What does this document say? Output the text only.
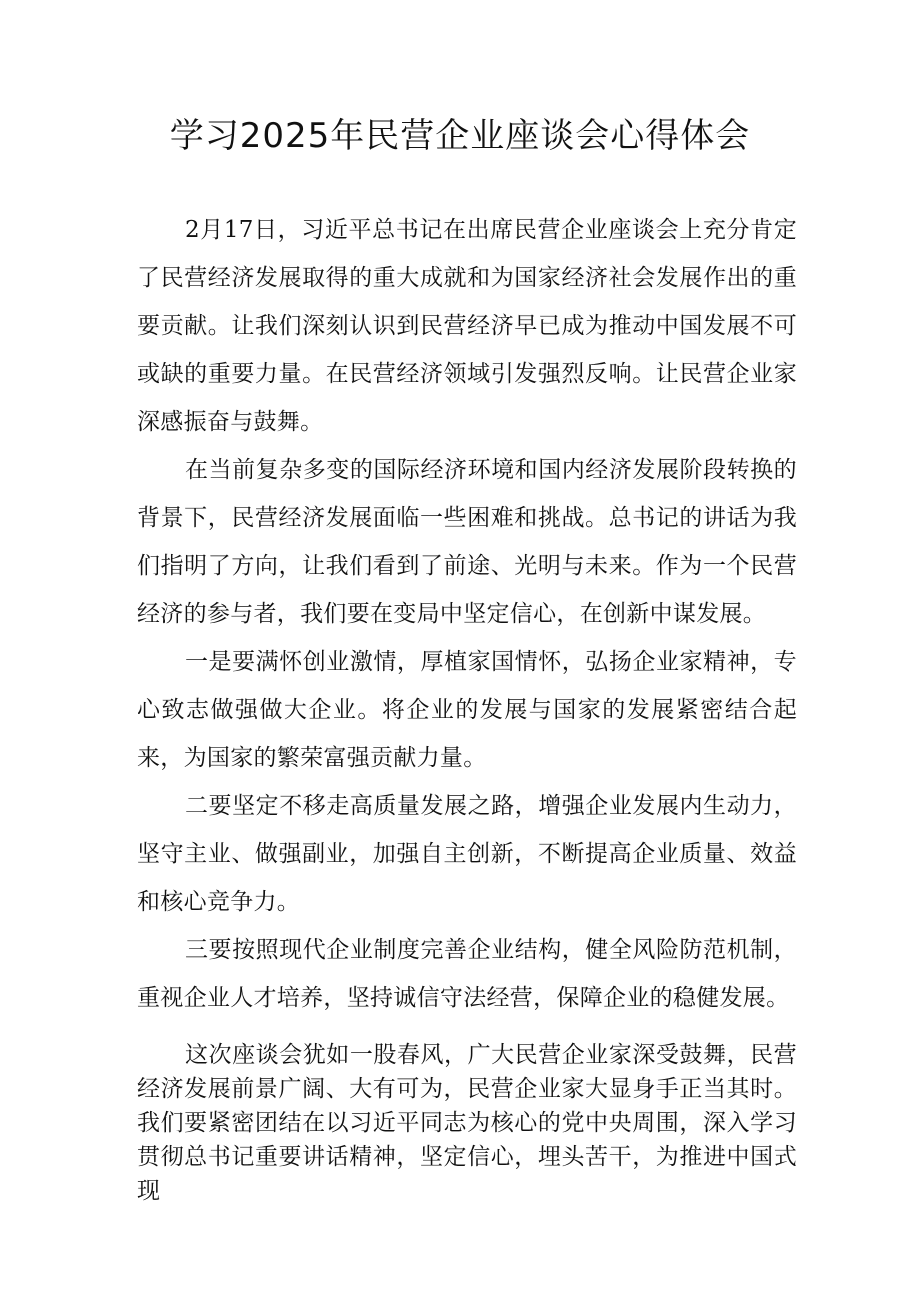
学习2025年民营企业座谈会心得体会

2月17日，习近平总书记在出席民营企业座谈会上充分肯定了民营经济发展取得的重大成就和为国家经济社会发展作出的重要贡献。让我们深刻认识到民营经济早已成为推动中国发展不可或缺的重要力量。在民营经济领域引发强烈反响。让民营企业家深感振奋与鼓舞。

在当前复杂多变的国际经济环境和国内经济发展阶段转换的背景下，民营经济发展面临一些困难和挑战。总书记的讲话为我们指明了方向，让我们看到了前途、光明与未来。作为一个民营经济的参与者，我们要在变局中坚定信心，在创新中谋发展。

一是要满怀创业激情，厚植家国情怀，弘扬企业家精神，专心致志做强做大企业。将企业的发展与国家的发展紧密结合起来，为国家的繁荣富强贡献力量。

二要坚定不移走高质量发展之路，增强企业发展内生动力，坚守主业、做强副业，加强自主创新，不断提高企业质量、效益和核心竞争力。

三要按照现代企业制度完善企业结构，健全风险防范机制，重视企业人才培养，坚持诚信守法经营，保障企业的稳健发展。

这次座谈会犹如一股春风，广大民营企业家深受鼓舞，民营经济发展前景广阔、大有可为，民营企业家大显身手正当其时。我们要紧密团结在以习近平同志为核心的党中央周围，深入学习贯彻总书记重要讲话精神，坚定信心，埋头苦干，为推进中国式现
